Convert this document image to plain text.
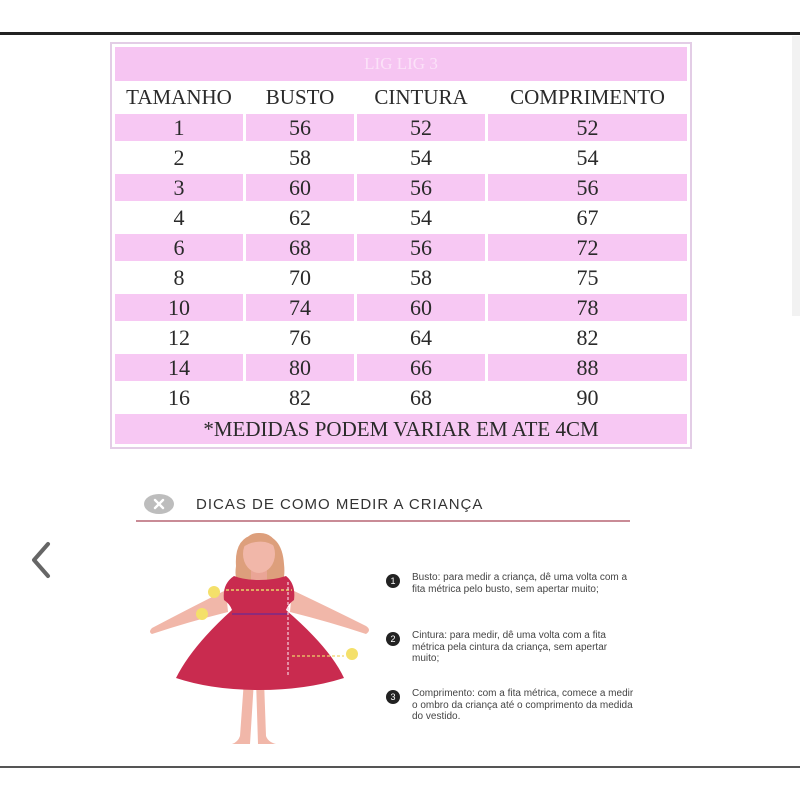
LIG LIG 3			
TAMANHO	BUSTO	CINTURA	COMPRIMENTO
1	56	52	52
2	58	54	54
3	60	56	56
4	62	54	67
6	68	56	72
8	70	58	75
10	74	60	78
12	76	64	82
14	80	66	88
16	82	68	90
*MEDIDAS PODEM VARIAR EM ATE 4CM			
DICAS DE COMO MEDIR A CRIANÇA
1	Busto: para medir a criança, dê uma volta com a fita métrica pelo busto, sem apertar muito;
2	Cintura: para medir, dê uma volta com a fita métrica pela cintura da criança, sem apertar muito;
3	Comprimento: com a fita métrica, comece a medir o ombro da criança até o comprimento da medida do vestido.
